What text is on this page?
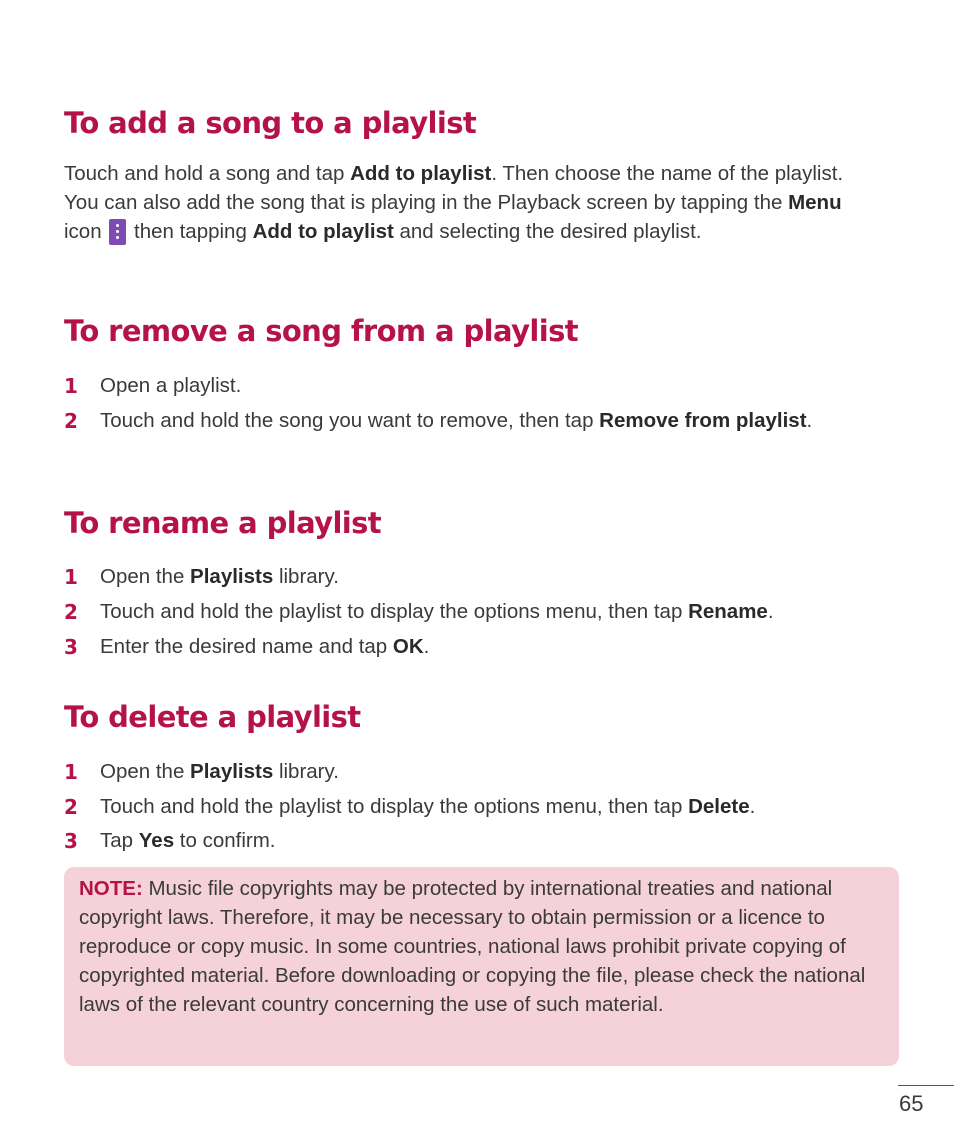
To add a song to a playlist

Touch and hold a song and tap Add to playlist. Then choose the name of the playlist. You can also add the song that is playing in the Playback screen by tapping the Menu icon
then tapping Add to playlist and selecting the desired playlist.

To remove a song from a playlist
1 Open a playlist.
2 Touch and hold the song you want to remove, then tap Remove from playlist.
To rename a playlist
1 Open the Playlists library.
2 Touch and hold the playlist to display the options menu, then tap Rename.
3 Enter the desired name and tap OK.
To delete a playlist
1 Open the Playlists library.
2 Touch and hold the playlist to display the options menu, then tap Delete.
3 Tap Yes to confirm.

NOTE: Music file copyrights may be protected by international treaties and national copyright laws. Therefore, it may be necessary to obtain permission or a licence to reproduce or copy music. In some countries, national laws prohibit private copying of copyrighted material. Before downloading or copying the file, please check the national laws of the relevant country concerning the use of such material.

65
